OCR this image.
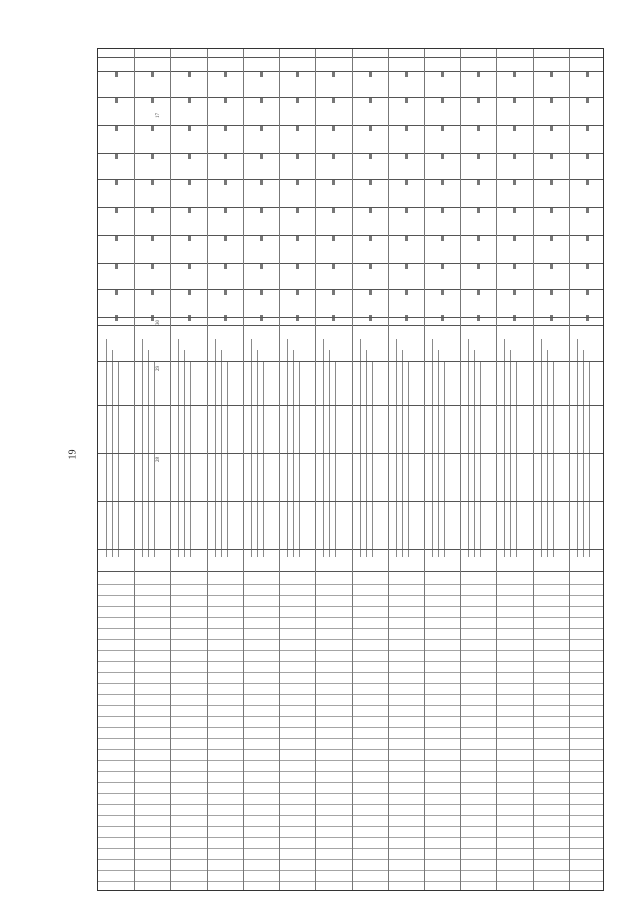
19	28
29
30
17
